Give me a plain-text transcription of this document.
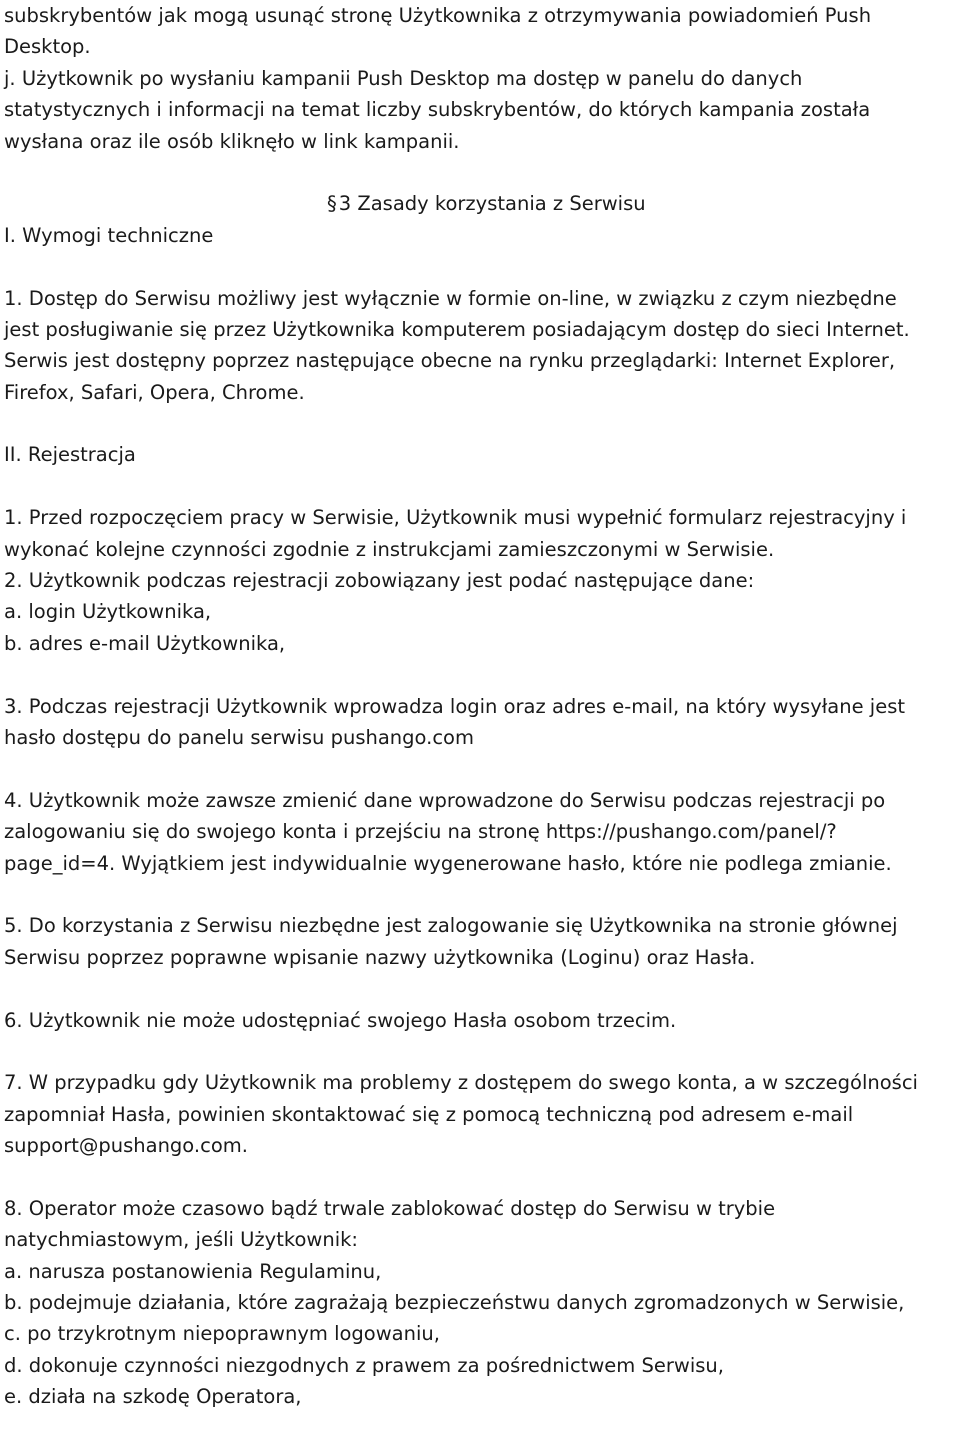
subskrybentów jak mogą usunąć stronę Użytkownika z otrzymywania powiadomień Push
Desktop.
j. Użytkownik po wysłaniu kampanii Push Desktop ma dostęp w panelu do danych
statystycznych i informacji na temat liczby subskrybentów, do których kampania została
wysłana oraz ile osób kliknęło w link kampanii.
§ 3 Zasady korzystania z Serwisu
I. Wymogi techniczne
1. Dostęp do Serwisu możliwy jest wyłącznie w formie on-line, w związku z czym niezbędne
jest posługiwanie się przez Użytkownika komputerem posiadającym dostęp do sieci Internet.
Serwis jest dostępny poprzez następujące obecne na rynku przeglądarki: Internet Explorer,
Firefox, Safari, Opera, Chrome.
II. Rejestracja
1. Przed rozpoczęciem pracy w Serwisie, Użytkownik musi wypełnić formularz rejestracyjny i
wykonać kolejne czynności zgodnie z instrukcjami zamieszczonymi w Serwisie.
2. Użytkownik podczas rejestracji zobowiązany jest podać następujące dane:
a. login Użytkownika,
b. adres e-mail Użytkownika,
3. Podczas rejestracji Użytkownik wprowadza login oraz adres e-mail, na który wysyłane jest
hasło dostępu do panelu serwisu pushango.com
4. Użytkownik może zawsze zmienić dane wprowadzone do Serwisu podczas rejestracji po
zalogowaniu się do swojego konta i przejściu na stronę https://pushango.com/panel/?
page_id=4. Wyjątkiem jest indywidualnie wygenerowane hasło, które nie podlega zmianie.
5. Do korzystania z Serwisu niezbędne jest zalogowanie się Użytkownika na stronie głównej
Serwisu poprzez poprawne wpisanie nazwy użytkownika (Loginu) oraz Hasła.
6. Użytkownik nie może udostępniać swojego Hasła osobom trzecim.
7. W przypadku gdy Użytkownik ma problemy z dostępem do swego konta, a w szczególności
zapomniał Hasła, powinien skontaktować się z pomocą techniczną pod adresem e-mail
support@pushango.com.
8. Operator może czasowo bądź trwale zablokować dostęp do Serwisu w trybie
natychmiastowym, jeśli Użytkownik:
a. narusza postanowienia Regulaminu,
b. podejmuje działania, które zagrażają bezpieczeństwu danych zgromadzonych w Serwisie,
c. po trzykrotnym niepoprawnym logowaniu,
d. dokonuje czynności niezgodnych z prawem za pośrednictwem Serwisu,
e. działa na szkodę Operatora,
